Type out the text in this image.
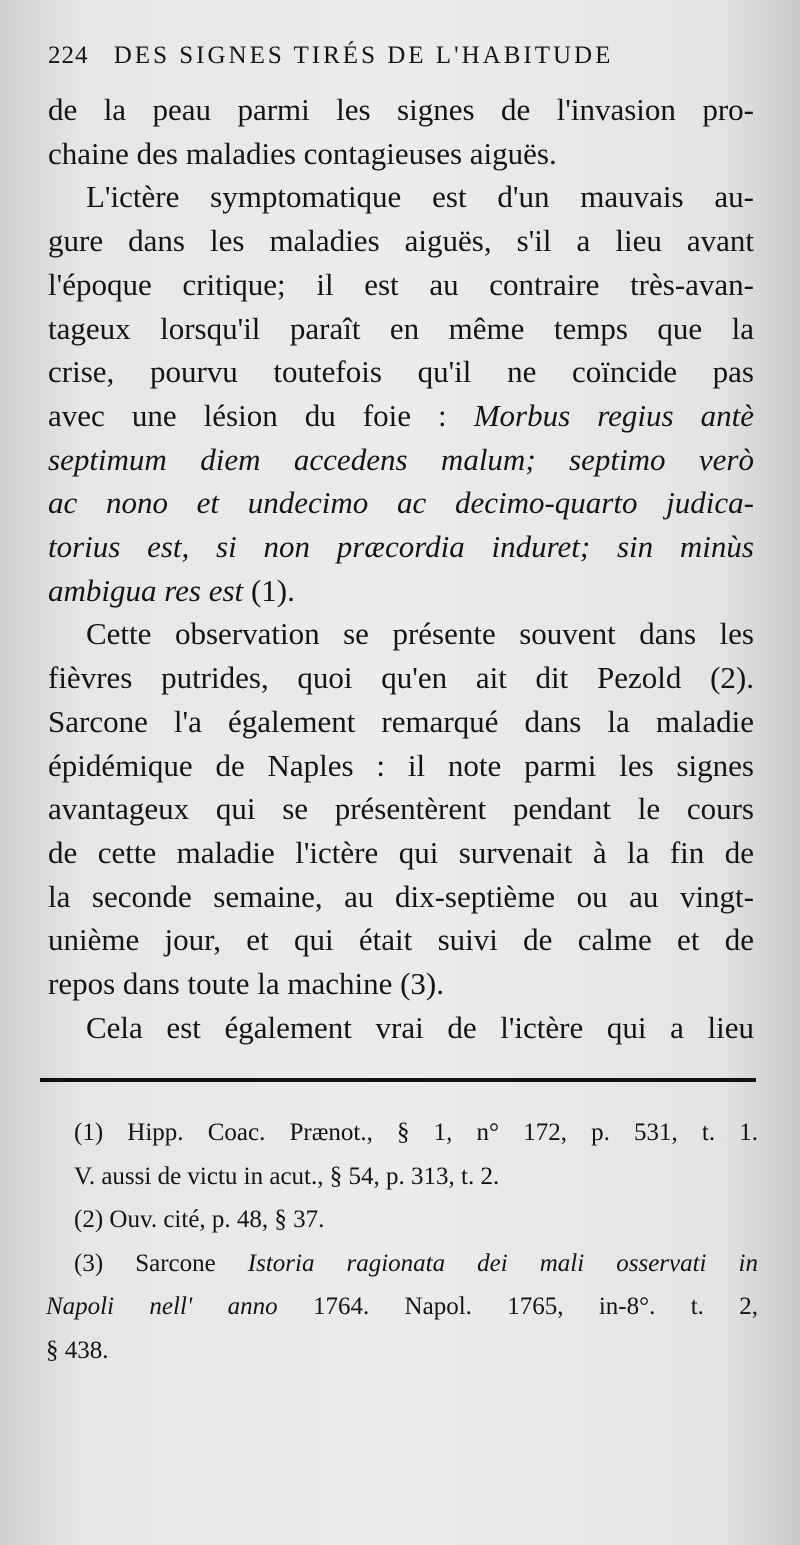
224 DES SIGNES TIRÉS DE L'HABITUDE
de la peau parmi les signes de l'invasion pro-
chaine des maladies contagieuses aiguës.
L'ictère symptomatique est d'un mauvais au-
gure dans les maladies aiguës, s'il a lieu avant
l'époque critique; il est au contraire très-avan-
tageux lorsqu'il paraît en même temps que la
crise, pourvu toutefois qu'il ne coïncide pas
avec une lésion du foie : Morbus regius antè
septimum diem accedens malum; septimo verò
ac nono et undecimo ac decimo-quarto judica-
torius est, si non præcordia induret; sin minùs
ambigua res est (1).
Cette observation se présente souvent dans les
fièvres putrides, quoi qu'en ait dit Pezold (2).
Sarcone l'a également remarqué dans la maladie
épidémique de Naples : il note parmi les signes
avantageux qui se présentèrent pendant le cours
de cette maladie l'ictère qui survenait à la fin de
la seconde semaine, au dix-septième ou au vingt-
unième jour, et qui était suivi de calme et de
repos dans toute la machine (3).
Cela est également vrai de l'ictère qui a lieu
(1) Hipp. Coac. Prænot., § 1, n° 172, p. 531, t. 1.
V. aussi de victu in acut., § 54, p. 313, t. 2.
(2) Ouv. cité, p. 48, § 37.
(3) Sarcone Istoria ragionata dei mali osservati in
Napoli nell' anno 1764. Napol. 1765, in-8°. t. 2,
§ 438.
